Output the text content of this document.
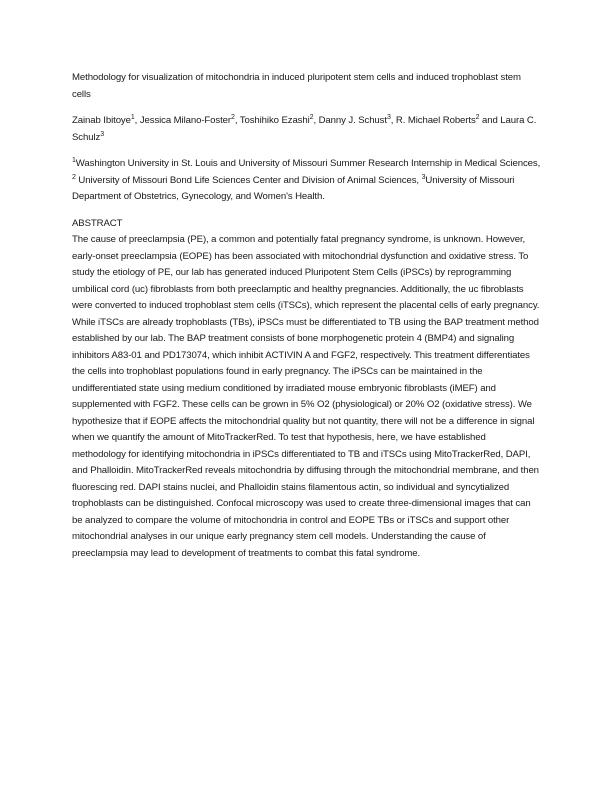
Methodology for visualization of mitochondria in induced pluripotent stem cells and induced trophoblast stem cells

Zainab Ibitoye$^1$, Jessica Milano-Foster$^2$, Toshihiko Ezashi$^2$, Danny J. Schust$^3$, R. Michael Roberts$^2$ and Laura C. Schulz$^3$

$^1$Washington University in St. Louis and University of Missouri Summer Research Internship in Medical Sciences, $^2$ University of Missouri Bond Life Sciences Center and Division of Animal Sciences, $^3$University of Missouri Department of Obstetrics, Gynecology, and Women's Health.

ABSTRACT

The cause of preeclampsia (PE), a common and potentially fatal pregnancy syndrome, is unknown. However, early-onset preeclampsia (EOPE) has been associated with mitochondrial dysfunction and oxidative stress. To study the etiology of PE, our lab has generated induced Pluripotent Stem Cells (iPSCs) by reprogramming umbilical cord (uc) fibroblasts from both preeclamptic and healthy pregnancies. Additionally, the uc fibroblasts were converted to induced trophoblast stem cells (iTSCs), which represent the placental cells of early pregnancy. While iTSCs are already trophoblasts (TBs), iPSCs must be differentiated to TB using the BAP treatment method established by our lab. The BAP treatment consists of bone morphogenetic protein 4 (BMP4) and signaling inhibitors A83-01 and PD173074, which inhibit ACTIVIN A and FGF2, respectively. This treatment differentiates the cells into trophoblast populations found in early pregnancy. The iPSCs can be maintained in the undifferentiated state using medium conditioned by irradiated mouse embryonic fibroblasts (iMEF) and supplemented with FGF2. These cells can be grown in 5% O2 (physiological) or 20% O2 (oxidative stress). We hypothesize that if EOPE affects the mitochondrial quality but not quantity, there will not be a difference in signal when we quantify the amount of MitoTrackerRed. To test that hypothesis, here, we have established methodology for identifying mitochondria in iPSCs differentiated to TB and iTSCs using MitoTrackerRed, DAPI, and Phalloidin. MitoTrackerRed reveals mitochondria by diffusing through the mitochondrial membrane, and then fluorescing red. DAPI stains nuclei, and Phalloidin stains filamentous actin, so individual and syncytialized trophoblasts can be distinguished. Confocal microscopy was used to create three-dimensional images that can be analyzed to compare the volume of mitochondria in control and EOPE TBs or iTSCs and support other mitochondrial analyses in our unique early pregnancy stem cell models. Understanding the cause of preeclampsia may lead to development of treatments to combat this fatal syndrome.
